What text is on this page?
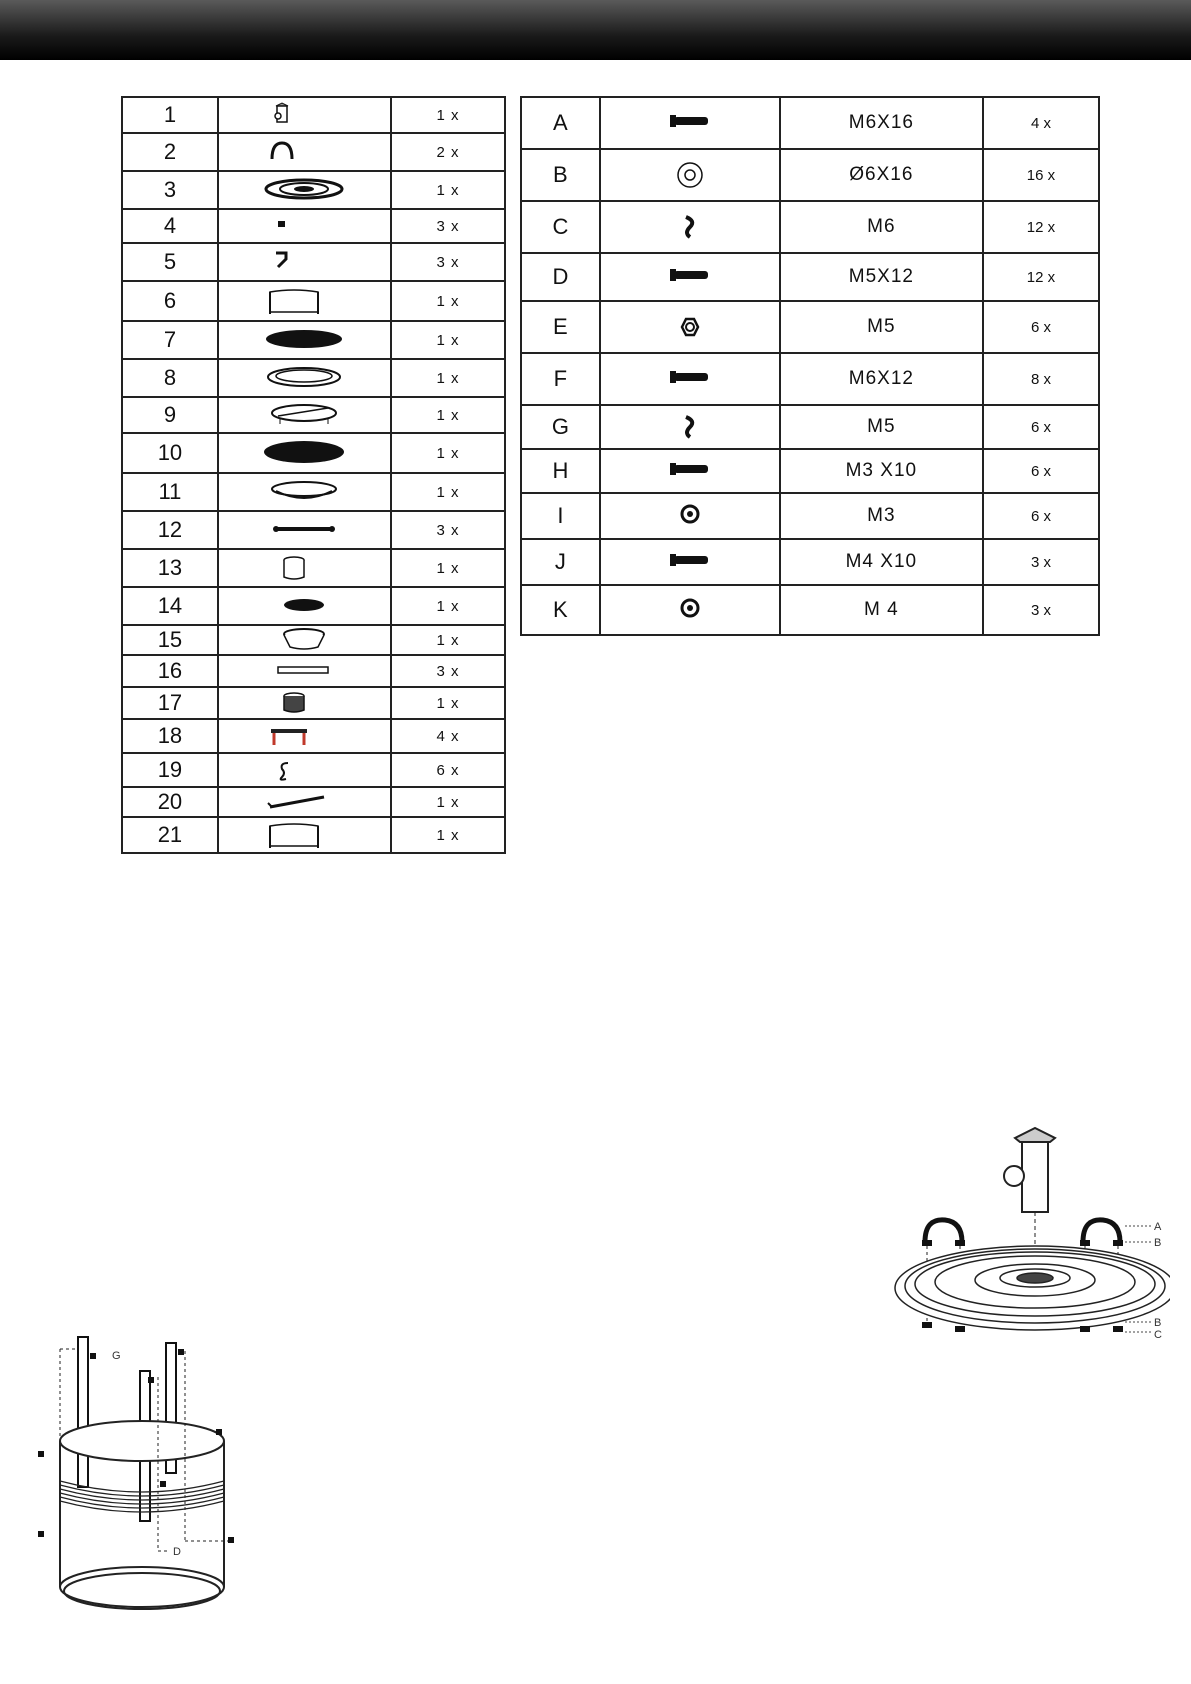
1		1 x
2		2 x
3		1 x
4		3 x
5		3 x
6		1 x
7		1 x
8		1 x
9		1 x
10		1 x
11		1 x
12		3 x
13		1 x
14		1 x
15		1 x
16		3 x
17		1 x
18		4 x
19		6 x
20		1 x
21		1 x
A		M6X16	4 x
B		Ø6X16	16 x
C		M6	12 x
D		M5X12	12 x
E		M5	6 x
F		M6X12	8 x
G		M5	6 x
H		M3 X10	6 x
I		M3	6 x
J		M4 X10	3 x
K		M 4	3 x
A
B
B
C
G
D
